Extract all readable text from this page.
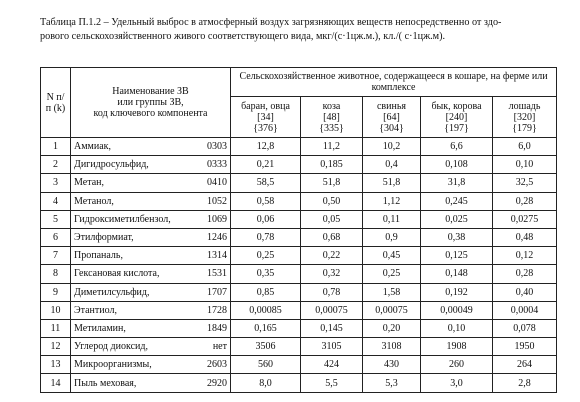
Таблица П.1.2 – Удельный выброс в атмосферный воздух загрязняющих веществ непосредственно от здо-

рового сельскохозяйственного живого соответствующего вида, мкг/(с·1цж.м.), кл./( с·1цж.м).

N п/п (k)	Наименование ЗВ
или группы ЗВ,
код ключевого компонента	Сельскохозяйственное животное, содержащееся в кошаре, на ферме или комплексе				

		баран, овца
[34]
{376}	коза
[48]
{335}	свинья
[64]
{304}	бык, корова
[240]
{197}	лошадь
[320]
{179}

1	Аммиак, 0303	12,8	11,2	10,2	6,6	6,0
2	Дигидросульфид, 0333	0,21	0,185	0,4	0,108	0,10
3	Метан, 0410	58,5	51,8	51,8	31,8	32,5
4	Метанол, 1052	0,58	0,50	1,12	0,245	0,28
5	Гидроксиметилбензол, 1069	0,06	0,05	0,11	0,025	0,0275
6	Этилформиат, 1246	0,78	0,68	0,9	0,38	0,48
7	Пропаналь, 1314	0,25	0,22	0,45	0,125	0,12
8	Гексановая кислота, 1531	0,35	0,32	0,25	0,148	0,28
9	Диметилсульфид, 1707	0,85	0,78	1,58	0,192	0,40
10	Этантиол, 1728	0,00085	0,00075	0,00075	0,00049	0,0004
11	Метиламин, 1849	0,165	0,145	0,20	0,10	0,078
12	Углерод диоксид, нет	3506	3105	3108	1908	1950
13	Микроорганизмы, 2603	560	424	430	260	264
14	Пыль меховая, 2920	8,0	5,5	5,3	3,0	2,8
